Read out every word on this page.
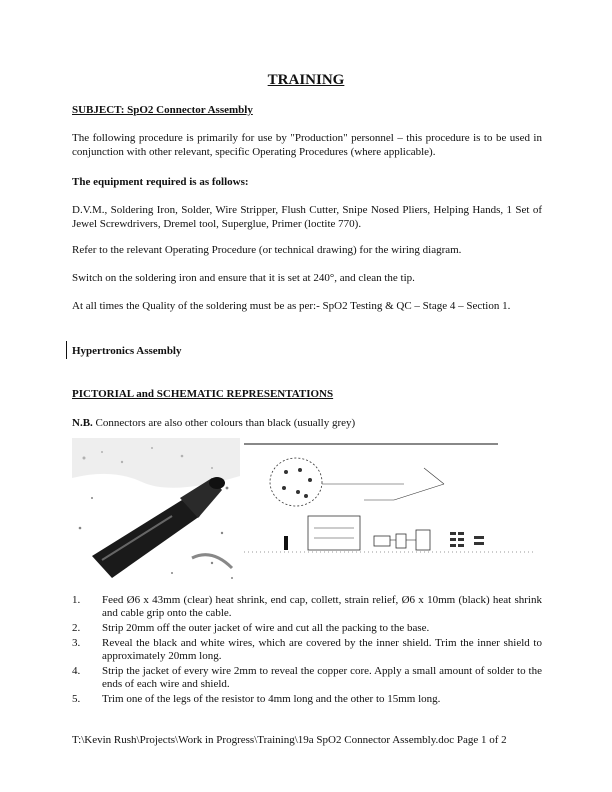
TRAINING
SUBJECT: SpO2 Connector Assembly
The following procedure is primarily for use by "Production" personnel – this procedure is to be used in conjunction with other relevant, specific Operating Procedures (where applicable).
The equipment required is as follows:
D.V.M., Soldering Iron, Solder, Wire Stripper, Flush Cutter, Snipe Nosed Pliers, Helping Hands, 1 Set of Jewel Screwdrivers, Dremel tool, Superglue, Primer (loctite 770).
Refer to the relevant Operating Procedure (or technical drawing) for the wiring diagram.
Switch on the soldering iron and ensure that it is set at 240°, and clean the tip.
At all times the Quality of the soldering must be as per:- SpO2 Testing & QC – Stage 4 – Section 1.
Hypertronics Assembly
PICTORIAL and SCHEMATIC REPRESENTATIONS
N.B. Connectors are also other colours than black (usually grey)
1.	Feed Ø6 x 43mm (clear) heat shrink, end cap, collett, strain relief, Ø6 x 10mm (black) heat shrink and cable grip onto the cable.
2.	Strip 20mm off the outer jacket of wire and cut all the packing to the base.
3.	Reveal the black and white wires, which are covered by the inner shield. Trim the inner shield to approximately 20mm long.
4.	Strip the jacket of every wire 2mm to reveal the copper core. Apply a small amount of solder to the ends of each wire and shield.
5.	Trim one of the legs of the resistor to 4mm long and the other to 15mm long.
T:\Kevin Rush\Projects\Work in Progress\Training\19a SpO2 Connector Assembly.doc Page 1 of 2
